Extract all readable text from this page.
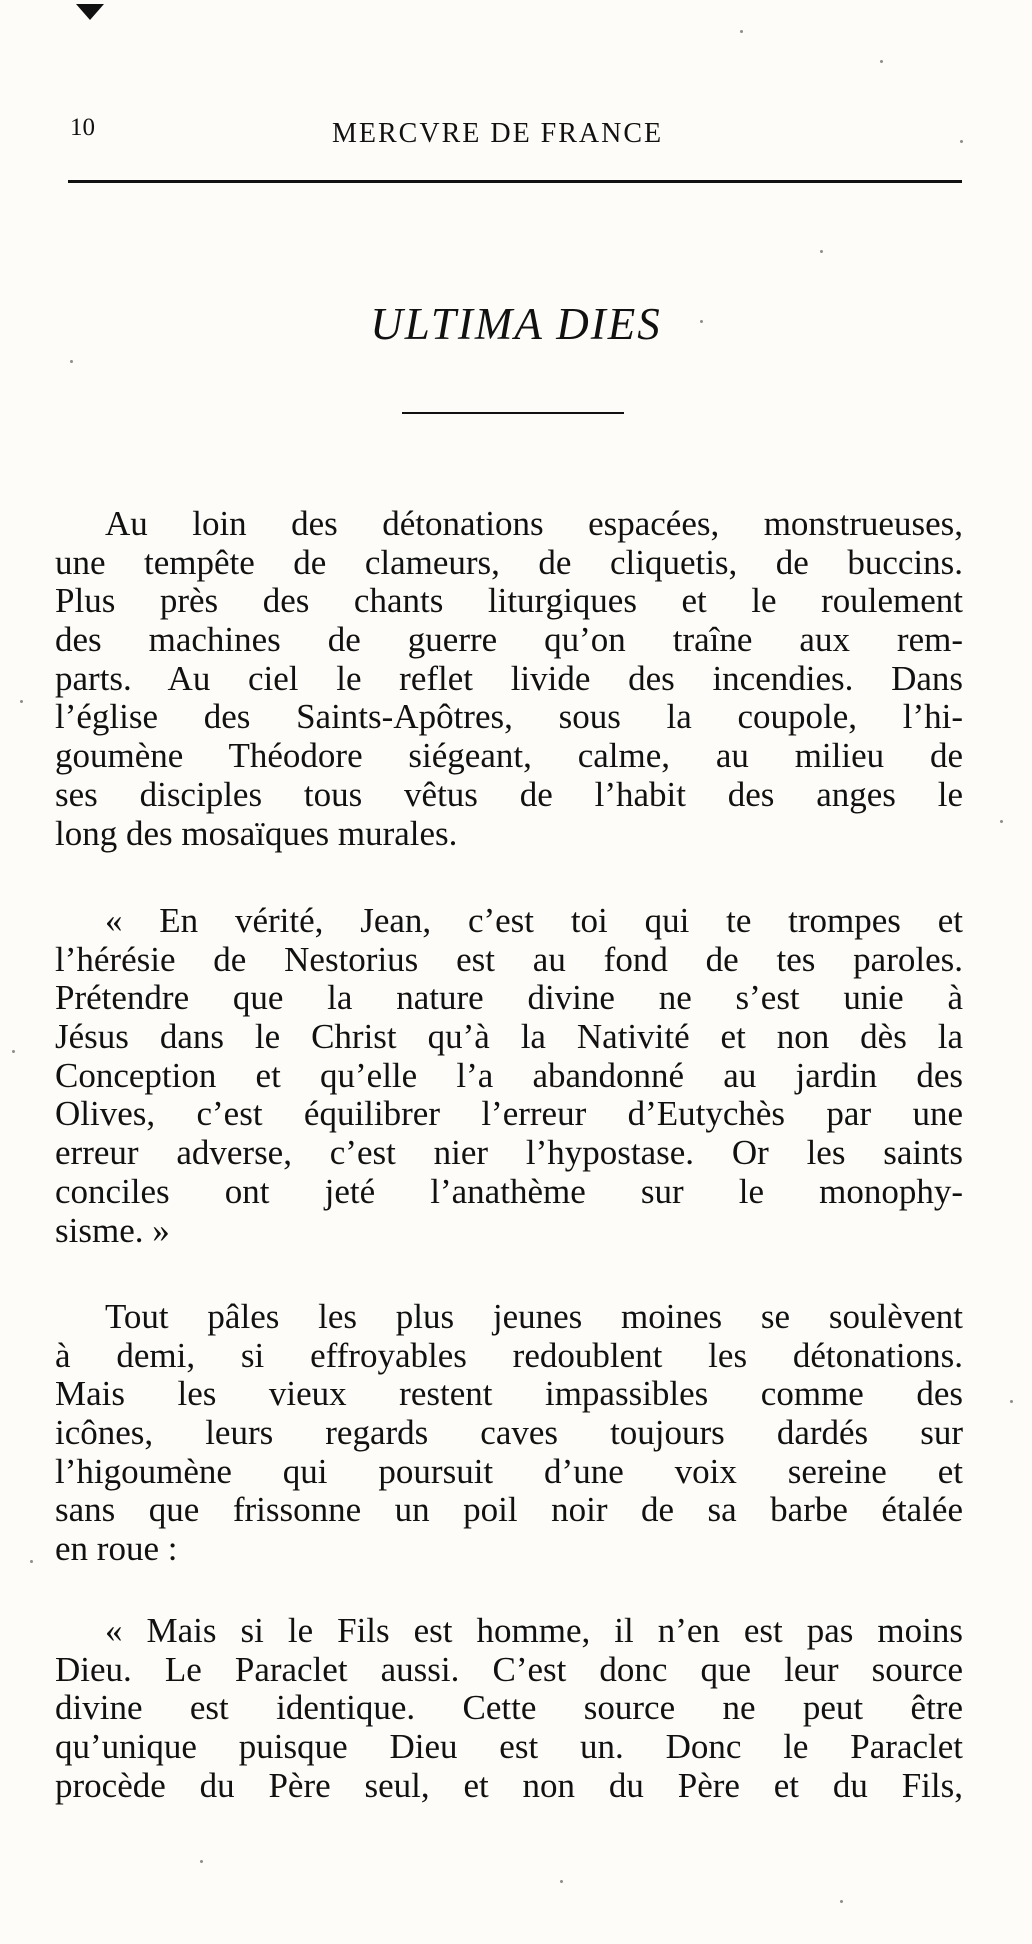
10	MERCVRE DE FRANCE
ULTIMA DIES
Au loin des détonations espacées, monstrueuses,
une tempête de clameurs, de cliquetis, de buccins.
Plus près des chants liturgiques et le roulement
des machines de guerre qu’on traîne aux rem-
parts. Au ciel le reflet livide des incendies. Dans
l’église des Saints-Apôtres, sous la coupole, l’hi-
goumène Théodore siégeant, calme, au milieu de
ses disciples tous vêtus de l’habit des anges le
long des mosaïques murales.
« En vérité, Jean, c’est toi qui te trompes et
l’hérésie de Nestorius est au fond de tes paroles.
Prétendre que la nature divine ne s’est unie à
Jésus dans le Christ qu’à la Nativité et non dès la
Conception et qu’elle l’a abandonné au jardin des
Olives, c’est équilibrer l’erreur d’Eutychès par une
erreur adverse, c’est nier l’hypostase. Or les saints
conciles ont jeté l’anathème sur le monophy-
sisme. »
Tout pâles les plus jeunes moines se soulèvent
à demi, si effroyables redoublent les détonations.
Mais les vieux restent impassibles comme des
icônes, leurs regards caves toujours dardés sur
l’higoumène qui poursuit d’une voix sereine et
sans que frissonne un poil noir de sa barbe étalée
en roue :
« Mais si le Fils est homme, il n’en est pas moins
Dieu. Le Paraclet aussi. C’est donc que leur source
divine est identique. Cette source ne peut être
qu’unique puisque Dieu est un. Donc le Paraclet
procède du Père seul, et non du Père et du Fils,
